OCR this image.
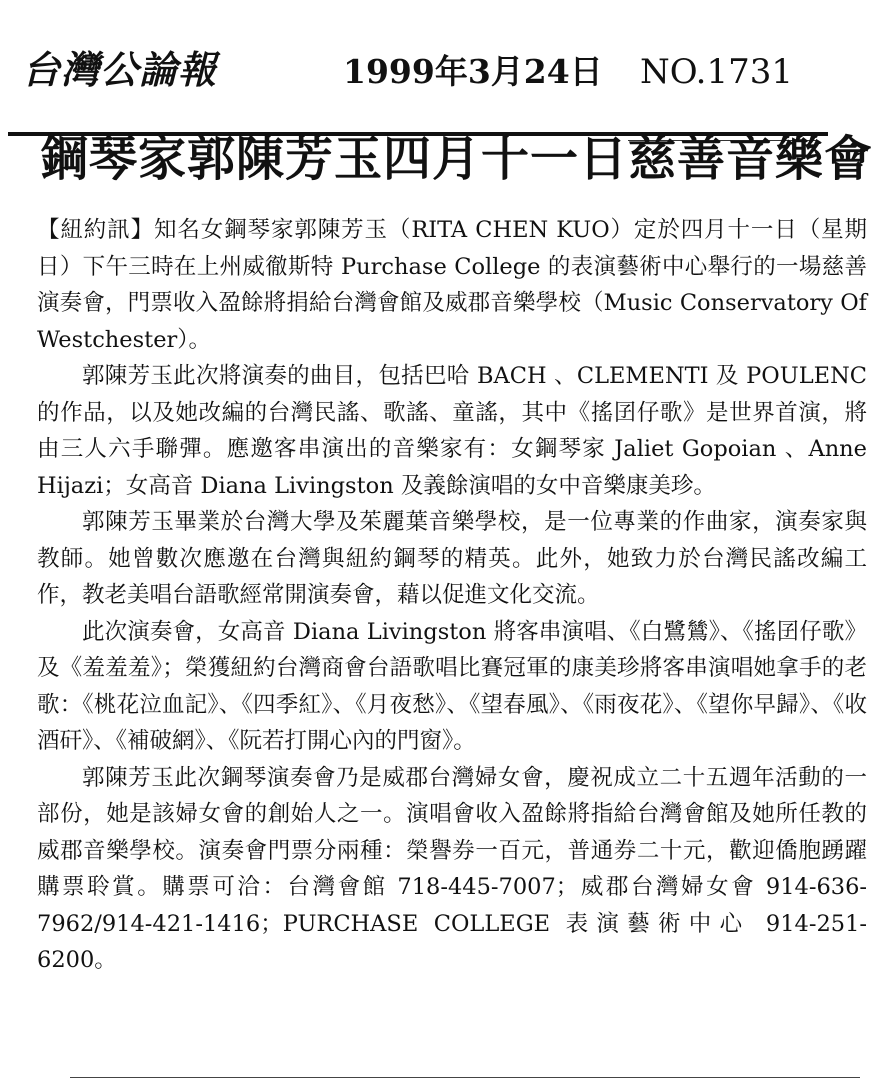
台灣公論報	1999年3月24日 NO.1731
鋼琴家郭陳芳玉四月十一日慈善音樂會

【紐約訊】知名女鋼琴家郭陳芳玉（RITA CHEN KUO）定於四月十一日（星期日）下午三時在上州威徹斯特 Purchase College 的表演藝術中心舉行的一場慈善演奏會，門票收入盈餘將捐給台灣會館及威郡音樂學校（Music Conservatory Of Westchester）。

郭陳芳玉此次將演奏的曲目，包括巴哈 BACH 、CLEMENTI 及 POULENC 的作品，以及她改編的台灣民謠、歌謠、童謠，其中《搖囝仔歌》是世界首演，將由三人六手聯彈。應邀客串演出的音樂家有：女鋼琴家 Jaliet Gopoian 、Anne Hijazi；女高音 Diana Livingston 及義餘演唱的女中音樂康美珍。

郭陳芳玉畢業於台灣大學及茱麗葉音樂學校，是一位專業的作曲家，演奏家與教師。她曾數次應邀在台灣與紐約鋼琴的精英。此外，她致力於台灣民謠改編工作，教老美唱台語歌經常開演奏會，藉以促進文化交流。

此次演奏會，女高音 Diana Livingston 將客串演唱、《白鷺鷥》、《搖囝仔歌》及《羞羞羞》；榮獲紐約台灣商會台語歌唱比賽冠軍的康美珍將客串演唱她拿手的老歌：《桃花泣血記》、《四季紅》、《月夜愁》、《望春風》、《雨夜花》、《望你早歸》、《收酒矸》、《補破網》、《阮若打開心內的門窗》。

郭陳芳玉此次鋼琴演奏會乃是威郡台灣婦女會，慶祝成立二十五週年活動的一部份，她是該婦女會的創始人之一。演唱會收入盈餘將指給台灣會館及她所任教的威郡音樂學校。演奏會門票分兩種：榮譽券一百元，普通券二十元，歡迎僑胞踴躍購票聆賞。購票可洽：台灣會館 718-445-7007；威郡台灣婦女會 914-636-7962/914-421-1416；PURCHASE COLLEGE 表演藝術中心 914-251-6200。
